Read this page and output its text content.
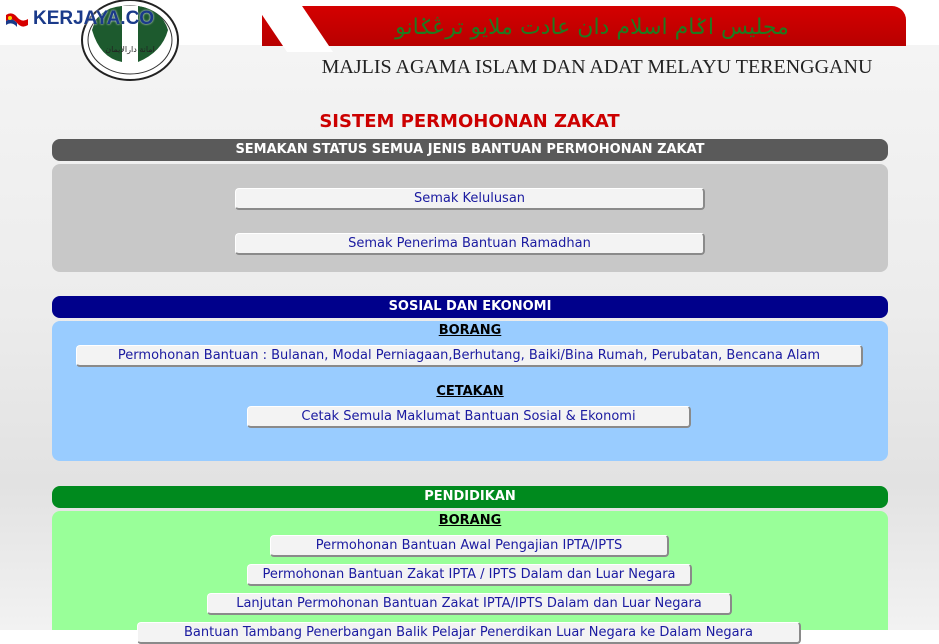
مجليس اݢام اسلام دان عادت ملايو ترڠݢانو
امانة دارالايمان
KERJAYA.CO
MAJLIS AGAMA ISLAM DAN ADAT MELAYU TERENGGANU
SISTEM PERMOHONAN ZAKAT
SEMAKAN STATUS SEMUA JENIS BANTUAN PERMOHONAN ZAKAT
Semak Kelulusan
Semak Penerima Bantuan Ramadhan
SOSIAL DAN EKONOMI
BORANG
Permohonan Bantuan : Bulanan, Modal Perniagaan,Berhutang, Baiki/Bina Rumah, Perubatan, Bencana Alam
CETAKAN
Cetak Semula Maklumat Bantuan Sosial & Ekonomi
PENDIDIKAN
BORANG
Permohonan Bantuan Awal Pengajian IPTA/IPTS
Permohonan Bantuan Zakat IPTA / IPTS Dalam dan Luar Negara
Lanjutan Permohonan Bantuan Zakat IPTA/IPTS Dalam dan Luar Negara
Bantuan Tambang Penerbangan Balik Pelajar Penerdikan Luar Negara ke Dalam Negara
